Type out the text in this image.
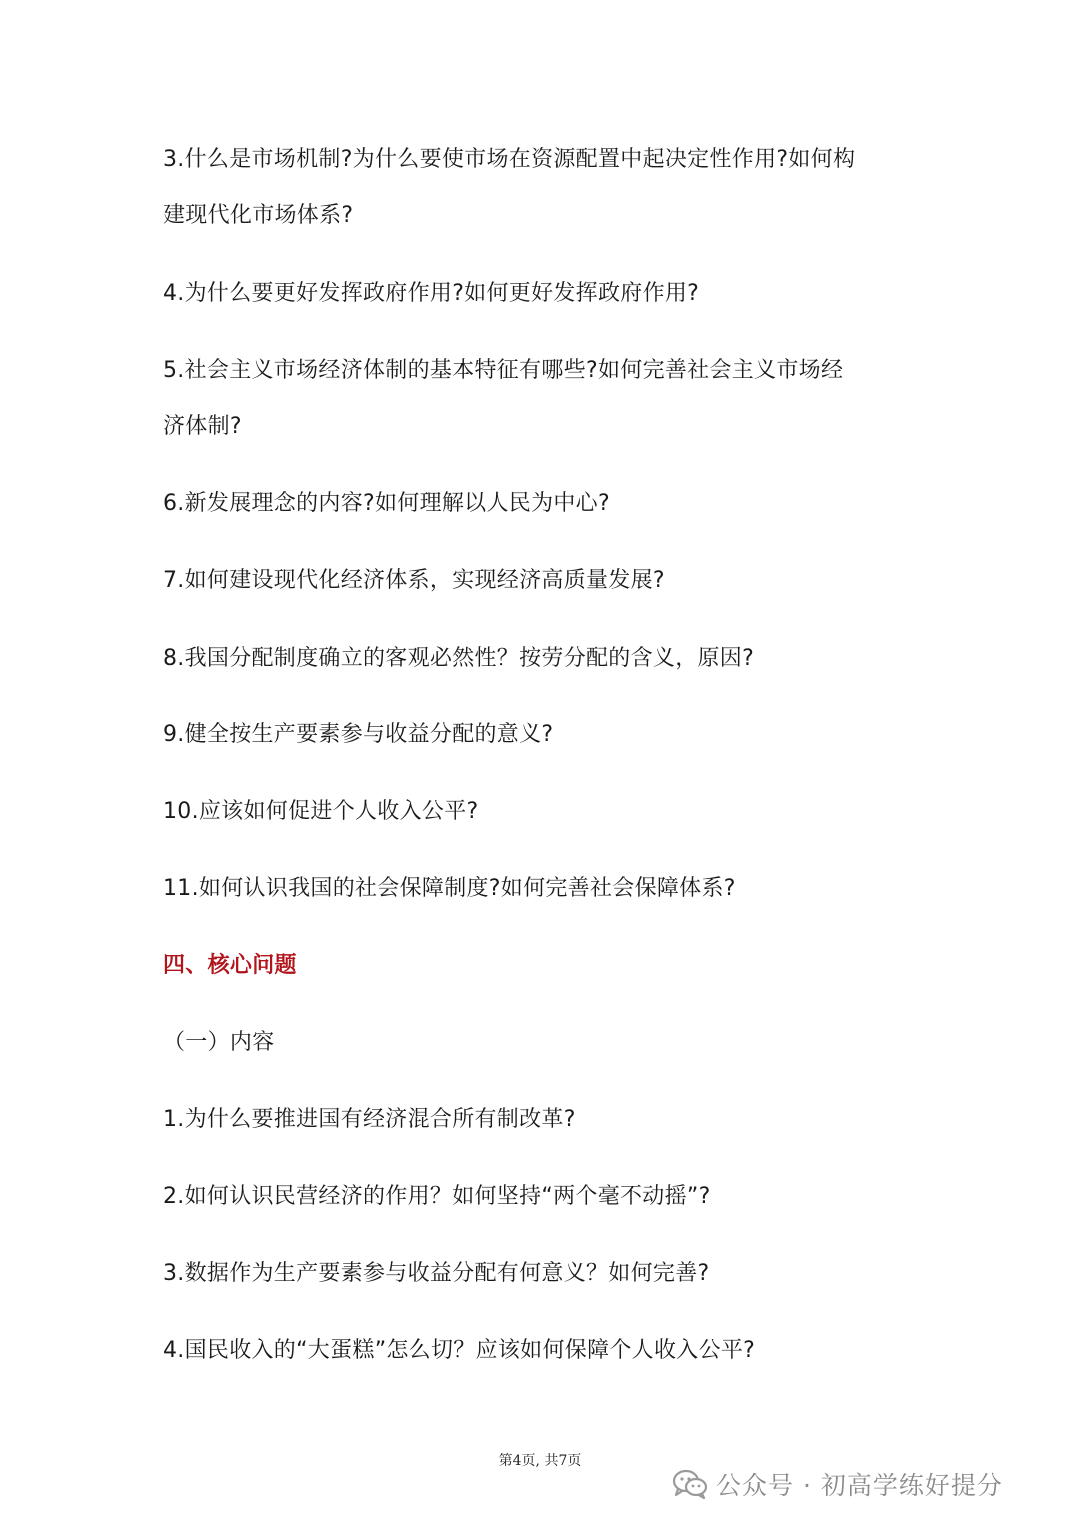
3.什么是市场机制?为什么要使市场在资源配置中起决定性作用?如何构
建现代化市场体系?
4.为什么要更好发挥政府作用?如何更好发挥政府作用?
5.社会主义市场经济体制的基本特征有哪些?如何完善社会主义市场经
济体制?
6.新发展理念的内容?如何理解以人民为中心?
7.如何建设现代化经济体系，实现经济高质量发展?
8.我国分配制度确立的客观必然性？按劳分配的含义，原因?
9.健全按生产要素参与收益分配的意义?
10.应该如何促进个人收入公平?
11.如何认识我国的社会保障制度?如何完善社会保障体系?
四、核心问题
（一）内容
1.为什么要推进国有经济混合所有制改革?
2.如何认识民营经济的作用？如何坚持“两个毫不动摇”?
3.数据作为生产要素参与收益分配有何意义？如何完善?
4.国民收入的“大蛋糕”怎么切？应该如何保障个人收入公平?
第4页, 共7页
公众号 · 初高学练好提分
